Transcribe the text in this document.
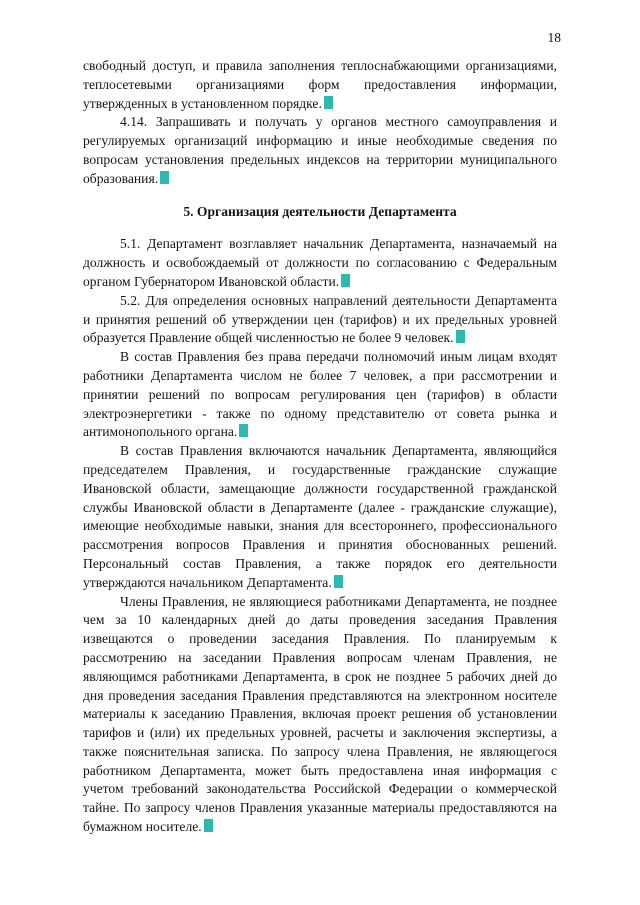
18

свободный доступ, и правила заполнения теплоснабжающими организациями, теплосетевыми организациями форм предоставления информации, утвержденных в установленном порядке.

4.14. Запрашивать и получать у органов местного самоуправления и регулируемых организаций информацию и иные необходимые сведения по вопросам установления предельных индексов на территории муниципального образования.

5. Организация деятельности Департамента

5.1. Департамент возглавляет начальник Департамента, назначаемый на должность и освобождаемый от должности по согласованию с Федеральным органом Губернатором Ивановской области.

5.2. Для определения основных направлений деятельности Департамента и принятия решений об утверждении цен (тарифов) и их предельных уровней образуется Правление общей численностью не более 9 человек.

В состав Правления без права передачи полномочий иным лицам входят работники Департамента числом не более 7 человек, а при рассмотрении и принятии решений по вопросам регулирования цен (тарифов) в области электроэнергетики - также по одному представителю от совета рынка и антимонопольного органа.

В состав Правления включаются начальник Департамента, являющийся председателем Правления, и государственные гражданские служащие Ивановской области, замещающие должности государственной гражданской службы Ивановской области в Департаменте (далее - гражданские служащие), имеющие необходимые навыки, знания для всестороннего, профессионального рассмотрения вопросов Правления и принятия обоснованных решений. Персональный состав Правления, а также порядок его деятельности утверждаются начальником Департамента.

Члены Правления, не являющиеся работниками Департамента, не позднее чем за 10 календарных дней до даты проведения заседания Правления извещаются о проведении заседания Правления. По планируемым к рассмотрению на заседании Правления вопросам членам Правления, не являющимся работниками Департамента, в срок не позднее 5 рабочих дней до дня проведения заседания Правления представляются на электронном носителе материалы к заседанию Правления, включая проект решения об установлении тарифов и (или) их предельных уровней, расчеты и заключения экспертизы, а также пояснительная записка. По запросу члена Правления, не являющегося работником Департамента, может быть предоставлена иная информация с учетом требований законодательства Российской Федерации о коммерческой тайне. По запросу членов Правления указанные материалы предоставляются на бумажном носителе.
